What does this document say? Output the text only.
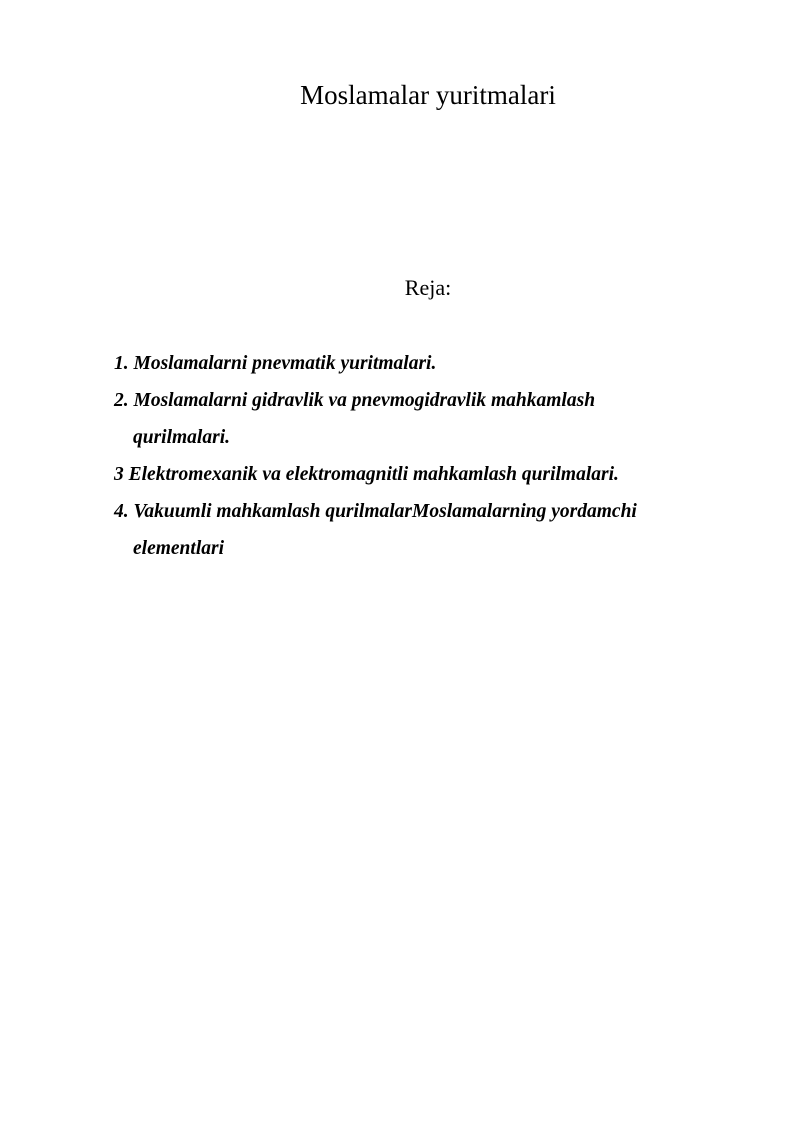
Moslamalar yuritmalari
Reja:
1. Moslamalarni pnevmatik yuritmalari.
2. Moslamalarni gidravlik va pnevmogidravlik mahkamlash
qurilmalari.
3 Elektromexanik va elektromagnitli mahkamlash qurilmalari.
4. Vakuumli mahkamlash qurilmalarMoslamalarning yordamchi
elementlari
